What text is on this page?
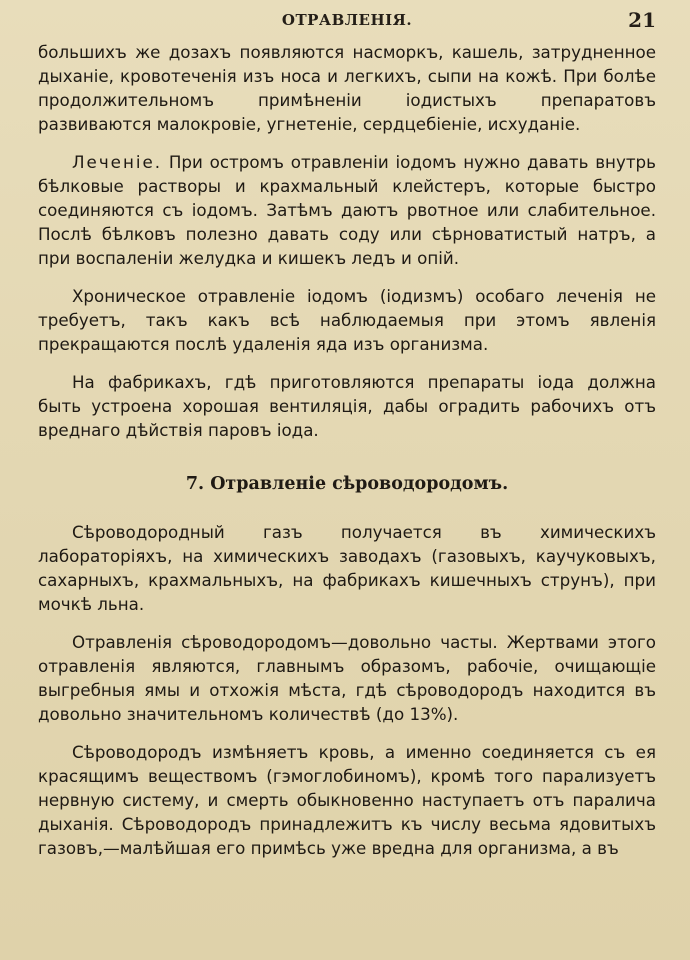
ОТРАВЛЕНІЯ.	21

большихъ же дозахъ появляются насморкъ, кашель, затрудненное дыханіе, кровотеченія изъ носа и легкихъ, сыпи на кожѣ. При болѣе продолжительномъ примѣненіи іодистыхъ препаратовъ развиваются малокровіе, угнетеніе, сердцебіеніе, исхуданіе.

Леченіе. При остромъ отравленіи іодомъ нужно давать внутрь бѣлковые растворы и крахмальный клейстеръ, которые быстро соединяются съ іодомъ. Затѣмъ даютъ рвотное или слабительное. Послѣ бѣлковъ полезно давать соду или сѣрноватистый натръ, а при воспаленіи желудка и кишекъ ледъ и опій.

Хроническое отравленіе іодомъ (іодизмъ) особаго леченія не требуетъ, такъ какъ всѣ наблюдаемыя при этомъ явленія прекращаются послѣ удаленія яда изъ организма.

На фабрикахъ, гдѣ приготовляются препараты іода должна быть устроена хорошая вентиляція, дабы оградить рабочихъ отъ вреднаго дѣйствія паровъ іода.

7. Отравленіе сѣроводородомъ.

Сѣроводородный газъ получается въ химическихъ лабораторіяхъ, на химическихъ заводахъ (газовыхъ, каучуковыхъ, сахарныхъ, крахмальныхъ, на фабрикахъ кишечныхъ струнъ), при мочкѣ льна.

Отравленія сѣроводородомъ—довольно часты. Жертвами этого отравленія являются, главнымъ образомъ, рабочіе, очищающіе выгребныя ямы и отхожія мѣста, гдѣ сѣроводородъ находится въ довольно значительномъ количествѣ (до 13%).

Сѣроводородъ измѣняетъ кровь, а именно соединяется съ ея красящимъ веществомъ (гэмоглобиномъ), кромѣ того парализуетъ нервную систему, и смерть обыкновенно наступаетъ отъ паралича дыханія. Сѣроводородъ принадлежитъ къ числу весьма ядовитыхъ газовъ,—малѣйшая его примѣсь уже вредна для организма, а въ
